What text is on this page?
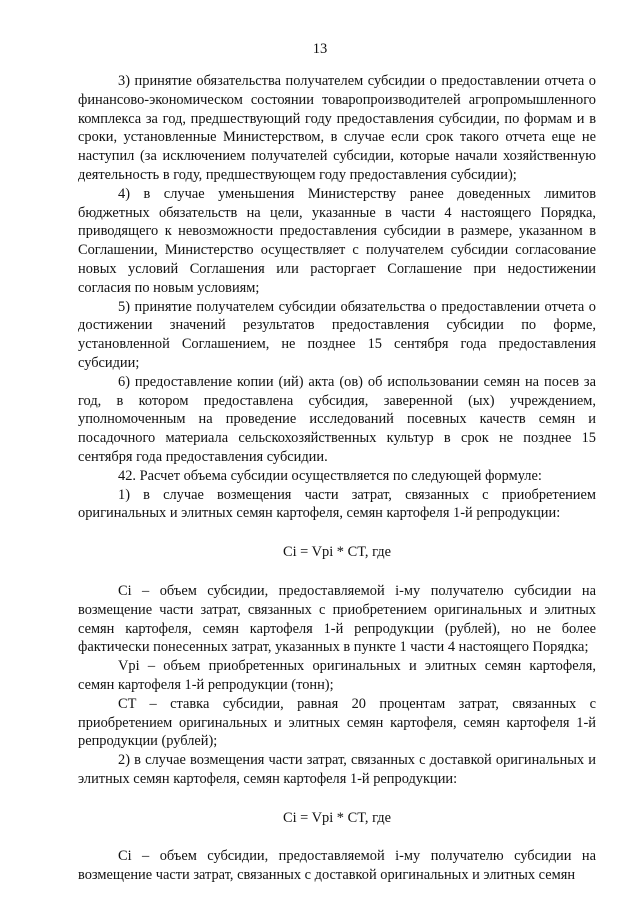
13

3) принятие обязательства получателем субсидии о предоставлении отчета о финансово-экономическом состоянии товаропроизводителей агропромышленного комплекса за год, предшествующий году предоставления субсидии, по формам и в сроки, установленные Министерством, в случае если срок такого отчета еще не наступил (за исключением получателей субсидии, которые начали хозяйственную деятельность в году, предшествующем году предоставления субсидии);

4) в случае уменьшения Министерству ранее доведенных лимитов бюджетных обязательств на цели, указанные в части 4 настоящего Порядка, приводящего к невозможности предоставления субсидии в размере, указанном в Соглашении, Министерство осуществляет с получателем субсидии согласование новых условий Соглашения или расторгает Соглашение при недостижении согласия по новым условиям;

5) принятие получателем субсидии обязательства о предоставлении отчета о достижении значений результатов предоставления субсидии по форме, установленной Соглашением, не позднее 15 сентября года предоставления субсидии;

6) предоставление копии (ий) акта (ов) об использовании семян на посев за год, в котором предоставлена субсидия, заверенной (ых) учреждением, уполномоченным на проведение исследований посевных качеств семян и посадочного материала сельскохозяйственных культур в срок не позднее 15 сентября года предоставления субсидии.

42. Расчет объема субсидии осуществляется по следующей формуле:

1) в случае возмещения части затрат, связанных с приобретением оригинальных и элитных семян картофеля, семян картофеля 1-й репродукции:

Ci = Vpi * CT, где

Ci – объем субсидии, предоставляемой i-му получателю субсидии на возмещение части затрат, связанных с приобретением оригинальных и элитных семян картофеля, семян картофеля 1-й репродукции (рублей), но не более фактически понесенных затрат, указанных в пункте 1 части 4 настоящего Порядка;

Vpi – объем приобретенных оригинальных и элитных семян картофеля, семян картофеля 1-й репродукции (тонн);

CT – ставка субсидии, равная 20 процентам затрат, связанных с приобретением оригинальных и элитных семян картофеля, семян картофеля 1-й репродукции (рублей);

2) в случае возмещения части затрат, связанных с доставкой оригинальных и элитных семян картофеля, семян картофеля 1-й репродукции:

Ci = Vpi * CT, где

Ci – объем субсидии, предоставляемой i-му получателю субсидии на возмещение части затрат, связанных с доставкой оригинальных и элитных семян
